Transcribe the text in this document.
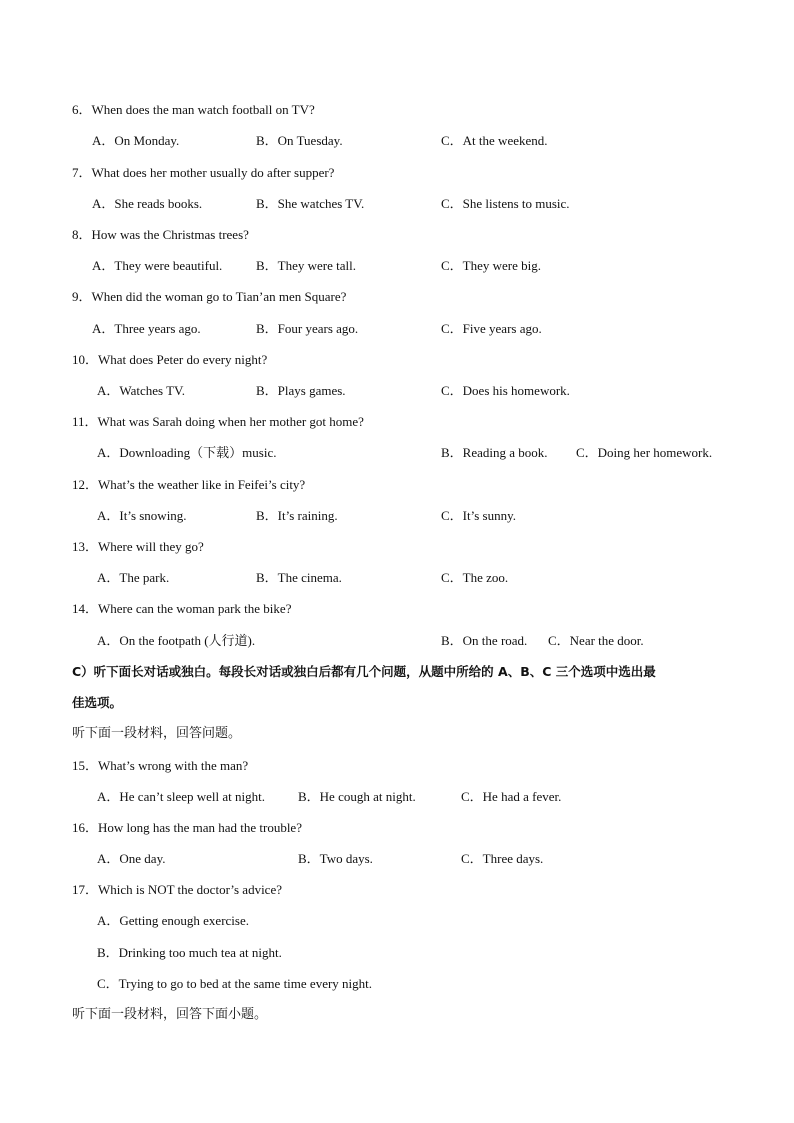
6．When does the man watch football on TV?
A．On Monday.	B．On Tuesday.	C．At the weekend.
7．What does her mother usually do after supper?
A．She reads books.	B．She watches TV.	C．She listens to music.
8．How was the Christmas trees?
A．They were beautiful.	B．They were tall.	C．They were big.
9．When did the woman go to Tian’an men Square?
A．Three years ago.	B．Four years ago.	C．Five years ago.
10．What does Peter do every night?
A．Watches TV.	B．Plays games.	C．Does his homework.
11．What was Sarah doing when her mother got home?
A．Downloading（下载）music.	B．Reading a book. C．Doing her homework.
12．What’s the weather like in Feifei’s city?
A．It’s snowing.	B．It’s raining.	C．It’s sunny.
13．Where will they go?
A．The park.	B．The cinema.	C．The zoo.
14．Where can the woman park the bike?
A．On the footpath (人行道).	B．On the road. C．Near the door.
C）听下面长对话或独白。每段长对话或独白后都有几个问题，从题中所给的 A、B、C 三个选项中选出最
佳选项。
听下面一段材料，回答问题。
15．What’s wrong with the man?
A．He can’t sleep well at night.	B．He cough at night.	C．He had a fever.
16．How long has the man had the trouble?
A．One day.	B．Two days.	C．Three days.
17．Which is NOT the doctor’s advice?
A．Getting enough exercise.
B．Drinking too much tea at night.
C．Trying to go to bed at the same time every night.
听下面一段材料，回答下面小题。
